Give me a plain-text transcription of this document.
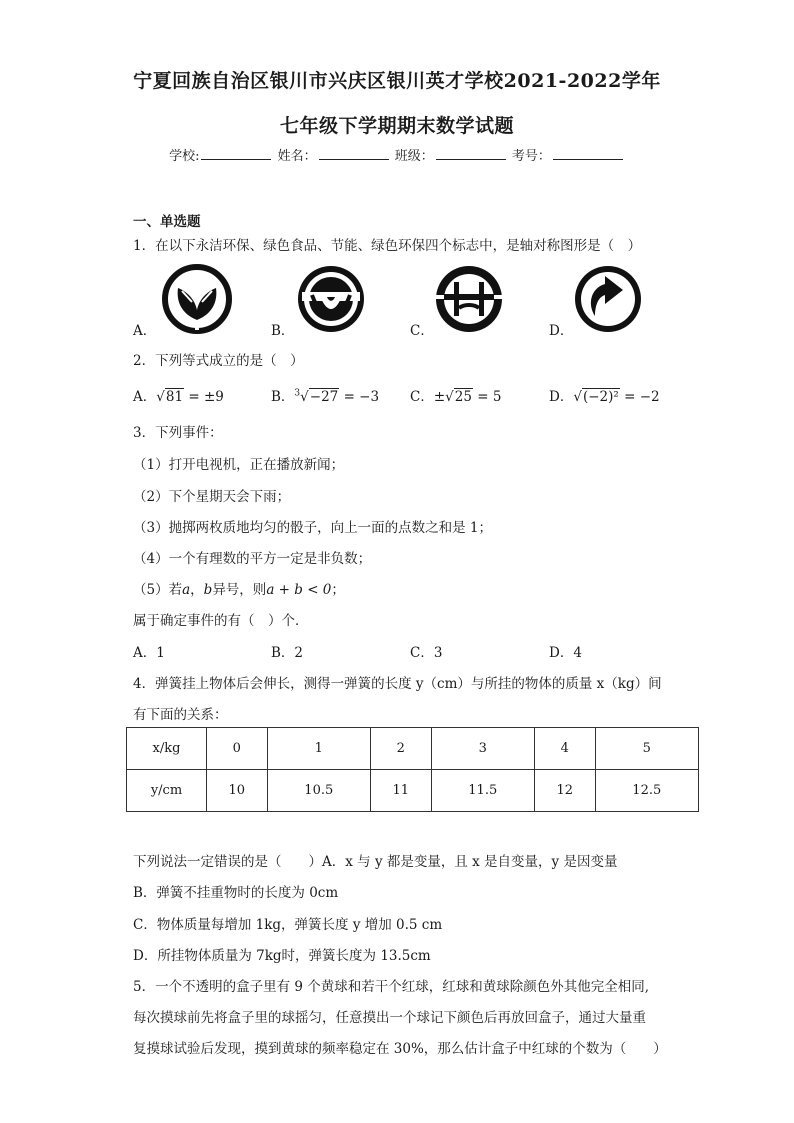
宁夏回族自治区银川市兴庆区银川英才学校2021-2022学年
七年级下学期期末数学试题
学校:	姓名：	班级：	考号：
一、单选题
1．在以下永洁环保、绿色食品、节能、绿色环保四个标志中，是轴对称图形是（　）
A．	B．	C．	D．
2．下列等式成立的是（　）
A．√81 = ±9	B．$^3$√−27 = −3 C．±√25 = 5	D．√(−2)² = −2
3．下列事件：
（1）打开电视机，正在播放新闻；
（2）下个星期天会下雨；
（3）抛掷两枚质地均匀的骰子，向上一面的点数之和是 1；
（4）一个有理数的平方一定是非负数；
（5）若a，b异号，则a + b < 0；
属于确定事件的有（　）个．
A．1	B．2	C．3	D．4
4．弹簧挂上物体后会伸长，测得一弹簧的长度 y（cm）与所挂的物体的质量 x（kg）间
有下面的关系：
x/kg	0	1	2	3	4	5
y/cm	10	10.5	11	11.5	12	12.5
下列说法一定错误的是（　　）A．x 与 y 都是变量，且 x 是自变量，y 是因变量
B．弹簧不挂重物时的长度为 0cm
C．物体质量每增加 1kg，弹簧长度 y 增加 0.5 cm
D．所挂物体质量为 7kg时，弹簧长度为 13.5cm
5．一个不透明的盒子里有 9 个黄球和若干个红球，红球和黄球除颜色外其他完全相同,
每次摸球前先将盒子里的球摇匀，任意摸出一个球记下颜色后再放回盒子，通过大量重
复摸球试验后发现，摸到黄球的频率稳定在 30%，那么估计盒子中红球的个数为（　　）
